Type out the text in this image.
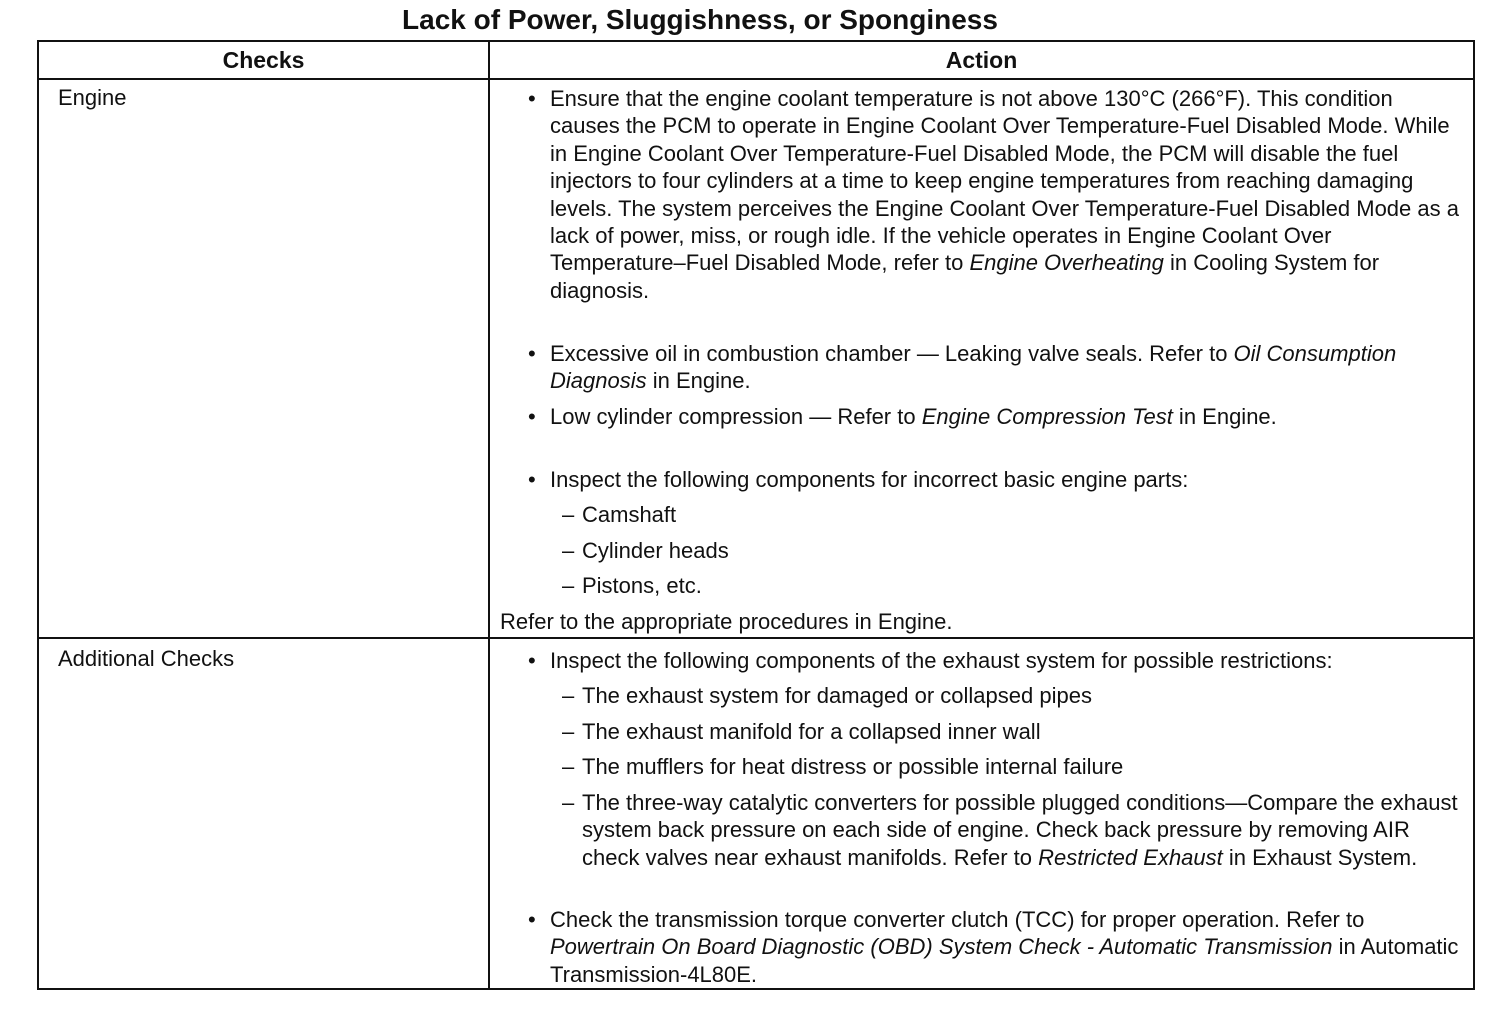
Lack of Power, Sluggishness, or Sponginess
Checks	Action
Engine	• Ensure that the engine coolant temperature is not above 130°C (266°F). This condition causes the PCM to operate in Engine Coolant Over Temperature-Fuel Disabled Mode. While in Engine Coolant Over Temperature-Fuel Disabled Mode, the PCM will disable the fuel injectors to four cylinders at a time to keep engine temperatures from reaching damaging levels. The system perceives the Engine Coolant Over Temperature-Fuel Disabled Mode as a lack of power, miss, or rough idle. If the vehicle operates in Engine Coolant Over Temperature–Fuel Disabled Mode, refer to Engine Overheating in Cooling System for diagnosis.
• Excessive oil in combustion chamber — Leaking valve seals. Refer to Oil Consumption Diagnosis in Engine.
• Low cylinder compression — Refer to Engine Compression Test in Engine.
• Inspect the following components for incorrect basic engine parts:
– Camshaft
– Cylinder heads
– Pistons, etc.
Refer to the appropriate procedures in Engine.
Additional Checks	• Inspect the following components of the exhaust system for possible restrictions:
– The exhaust system for damaged or collapsed pipes
– The exhaust manifold for a collapsed inner wall
– The mufflers for heat distress or possible internal failure
– The three-way catalytic converters for possible plugged conditions—Compare the exhaust system back pressure on each side of engine. Check back pressure by removing AIR check valves near exhaust manifolds. Refer to Restricted Exhaust in Exhaust System.
• Check the transmission torque converter clutch (TCC) for proper operation. Refer to Powertrain On Board Diagnostic (OBD) System Check - Automatic Transmission in Automatic Transmission-4L80E.
